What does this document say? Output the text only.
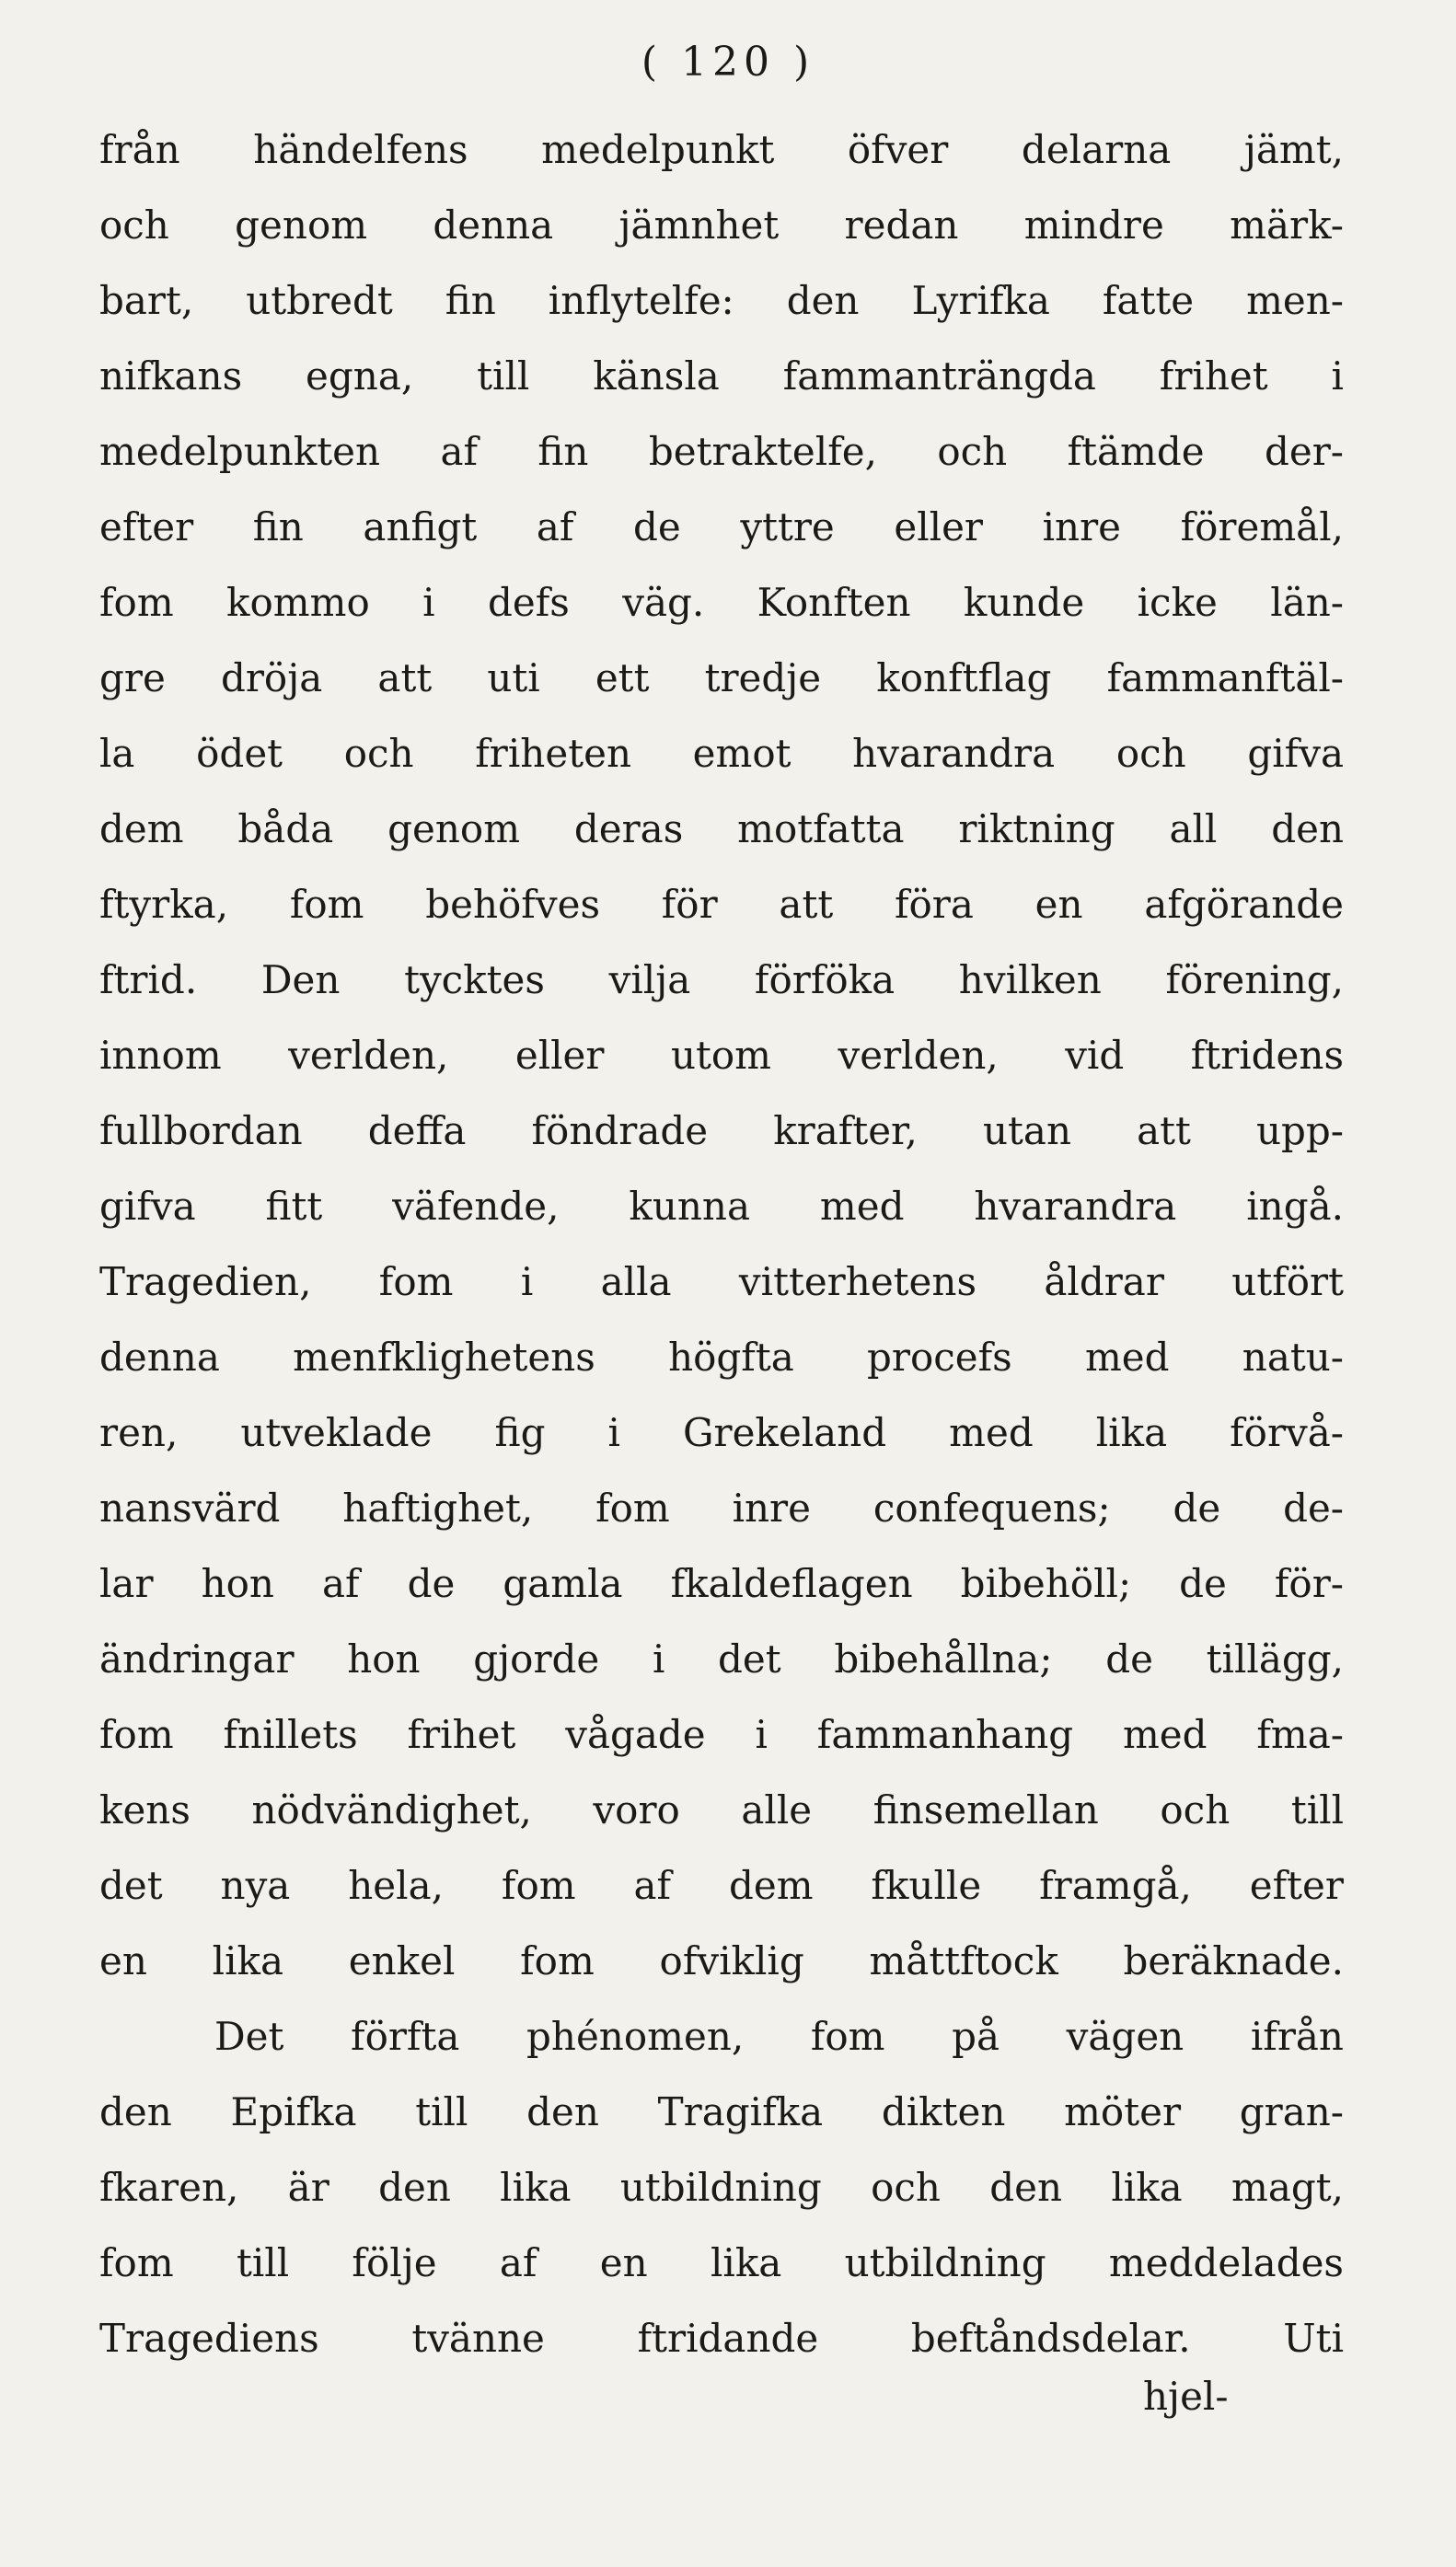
( 120 )
från händelfens medelpunkt öfver delarna jämt,
och genom denna jämnhet redan mindre märk-
bart, utbredt fin inflytelfe: den Lyrifka fatte men-
nifkans egna, till känsla fammanträngda frihet i
medelpunkten af fin betraktelfe, och ftämde der-
efter fin anfigt af de yttre eller inre föremål,
fom kommo i defs väg. Konften kunde icke län-
gre dröja att uti ett tredje konftflag fammanftäl-
la ödet och friheten emot hvarandra och gifva
dem båda genom deras motfatta riktning all den
ftyrka, fom behöfves för att föra en afgörande
ftrid. Den tycktes vilja förföka hvilken förening,
innom verlden, eller utom verlden, vid ftridens
fullbordan deffa föndrade krafter, utan att upp-
gifva fitt väfende, kunna med hvarandra ingå.
Tragedien, fom i alla vitterhetens åldrar utfört
denna menfklighetens högfta procefs med natu-
ren, utveklade fig i Grekeland med lika förvå-
nansvärd haftighet, fom inre confequens; de de-
lar hon af de gamla fkaldeflagen bibehöll; de för-
ändringar hon gjorde i det bibehållna; de tillägg,
fom fnillets frihet vågade i fammanhang med fma-
kens nödvändighet, voro alle finsemellan och till
det nya hela, fom af dem fkulle framgå, efter
en lika enkel fom ofviklig måttftock beräknade.
Det förfta phénomen, fom på vägen ifrån
den Epifka till den Tragifka dikten möter gran-
fkaren, är den lika utbildning och den lika magt,
fom till följe af en lika utbildning meddelades
Tragediens tvänne ftridande beftåndsdelar. Uti
hjel-
